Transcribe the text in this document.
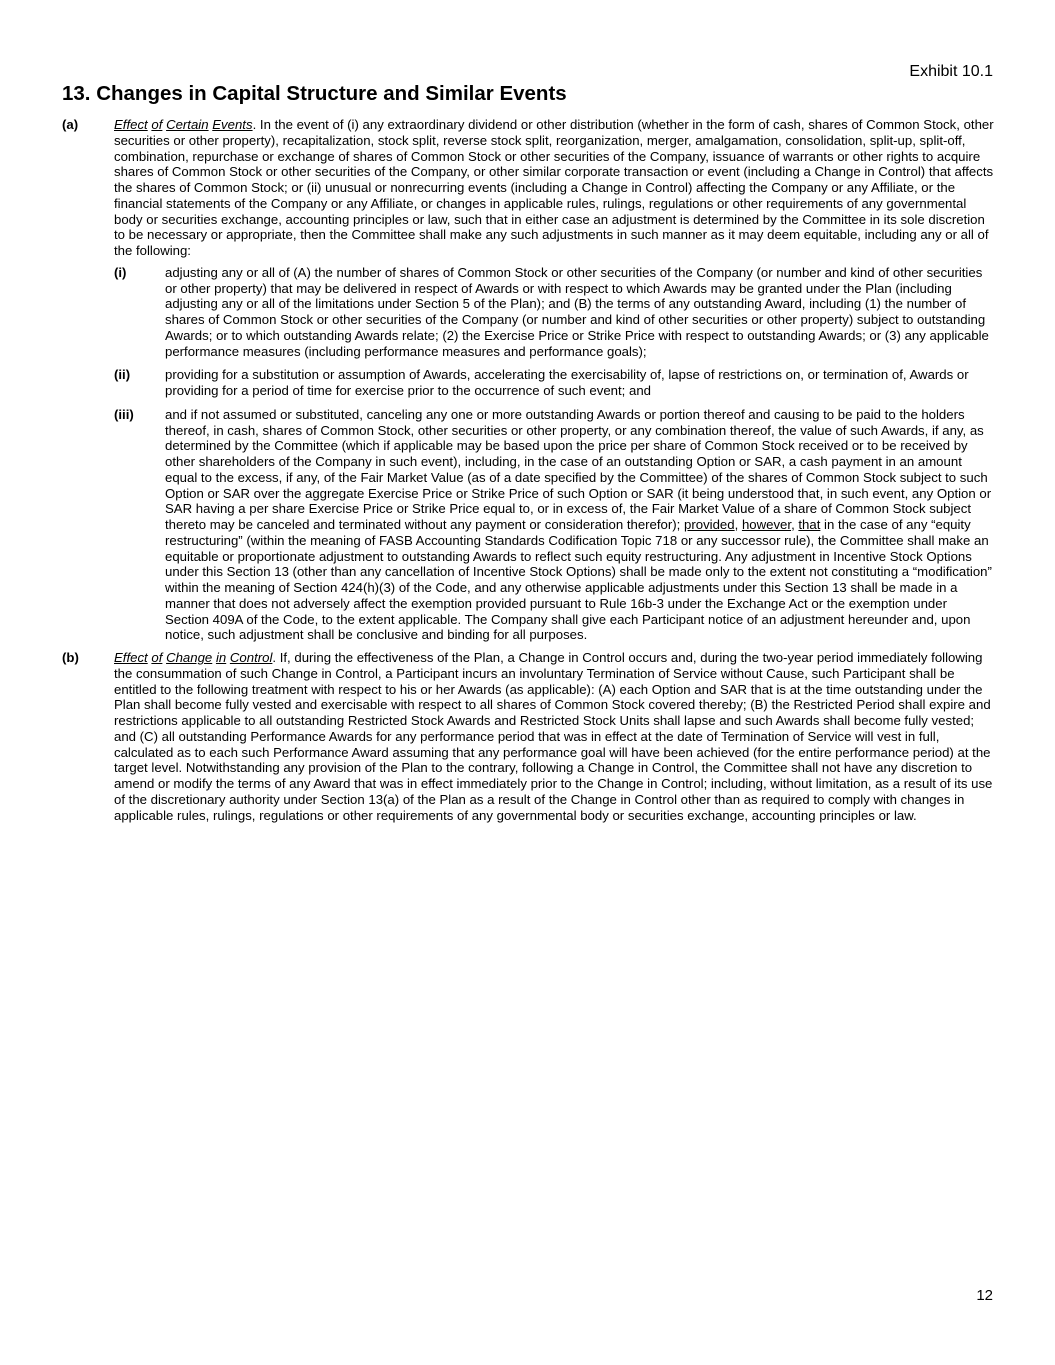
Exhibit 10.1

13. Changes in Capital Structure and Similar Events
(a)	Effect of Certain Events. In the event of (i) any extraordinary dividend or other distribution (whether in the form of cash, shares of Common Stock, other securities or other property), recapitalization, stock split, reverse stock split, reorganization, merger, amalgamation, consolidation, split-up, split-off, combination, repurchase or exchange of shares of Common Stock or other securities of the Company, issuance of warrants or other rights to acquire shares of Common Stock or other securities of the Company, or other similar corporate transaction or event (including a Change in Control) that affects the shares of Common Stock; or (ii) unusual or nonrecurring events (including a Change in Control) affecting the Company or any Affiliate, or the financial statements of the Company or any Affiliate, or changes in applicable rules, rulings, regulations or other requirements of any governmental body or securities exchange, accounting principles or law, such that in either case an adjustment is determined by the Committee in its sole discretion to be necessary or appropriate, then the Committee shall make any such adjustments in such manner as it may deem equitable, including any or all of the following:

(i)	adjusting any or all of (A) the number of shares of Common Stock or other securities of the Company (or number and kind of other securities or other property) that may be delivered in respect of Awards or with respect to which Awards may be granted under the Plan (including adjusting any or all of the limitations under Section 5 of the Plan); and (B) the terms of any outstanding Award, including (1) the number of shares of Common Stock or other securities of the Company (or number and kind of other securities or other property) subject to outstanding Awards; or to which outstanding Awards relate; (2) the Exercise Price or Strike Price with respect to outstanding Awards; or (3) any applicable performance measures (including performance measures and performance goals);

(ii)	providing for a substitution or assumption of Awards, accelerating the exercisability of, lapse of restrictions on, or termination of, Awards or providing for a period of time for exercise prior to the occurrence of such event; and

(iii)	and if not assumed or substituted, canceling any one or more outstanding Awards or portion thereof and causing to be paid to the holders thereof, in cash, shares of Common Stock, other securities or other property, or any combination thereof, the value of such Awards, if any, as determined by the Committee (which if applicable may be based upon the price per share of Common Stock received or to be received by other shareholders of the Company in such event), including, in the case of an outstanding Option or SAR, a cash payment in an amount equal to the excess, if any, of the Fair Market Value (as of a date specified by the Committee) of the shares of Common Stock subject to such Option or SAR over the aggregate Exercise Price or Strike Price of such Option or SAR (it being understood that, in such event, any Option or SAR having a per share Exercise Price or Strike Price equal to, or in excess of, the Fair Market Value of a share of Common Stock subject thereto may be canceled and terminated without any payment or consideration therefor); provided, however, that in the case of any “equity restructuring” (within the meaning of FASB Accounting Standards Codification Topic 718 or any successor rule), the Committee shall make an equitable or proportionate adjustment to outstanding Awards to reflect such equity restructuring. Any adjustment in Incentive Stock Options under this Section 13 (other than any cancellation of Incentive Stock Options) shall be made only to the extent not constituting a “modification” within the meaning of Section 424(h)(3) of the Code, and any otherwise applicable adjustments under this Section 13 shall be made in a manner that does not adversely affect the exemption provided pursuant to Rule 16b-3 under the Exchange Act or the exemption under Section 409A of the Code, to the extent applicable. The Company shall give each Participant notice of an adjustment hereunder and, upon notice, such adjustment shall be conclusive and binding for all purposes.

(b)	Effect of Change in Control. If, during the effectiveness of the Plan, a Change in Control occurs and, during the two-year period immediately following the consummation of such Change in Control, a Participant incurs an involuntary Termination of Service without Cause, such Participant shall be entitled to the following treatment with respect to his or her Awards (as applicable): (A) each Option and SAR that is at the time outstanding under the Plan shall become fully vested and exercisable with respect to all shares of Common Stock covered thereby; (B) the Restricted Period shall expire and restrictions applicable to all outstanding Restricted Stock Awards and Restricted Stock Units shall lapse and such Awards shall become fully vested; and (C) all outstanding Performance Awards for any performance period that was in effect at the date of Termination of Service will vest in full, calculated as to each such Performance Award assuming that any performance goal will have been achieved (for the entire performance period) at the target level. Notwithstanding any provision of the Plan to the contrary, following a Change in Control, the Committee shall not have any discretion to amend or modify the terms of any Award that was in effect immediately prior to the Change in Control; including, without limitation, as a result of its use of the discretionary authority under Section 13(a) of the Plan as a result of the Change in Control other than as required to comply with changes in applicable rules, rulings, regulations or other requirements of any governmental body or securities exchange, accounting principles or law.

12
